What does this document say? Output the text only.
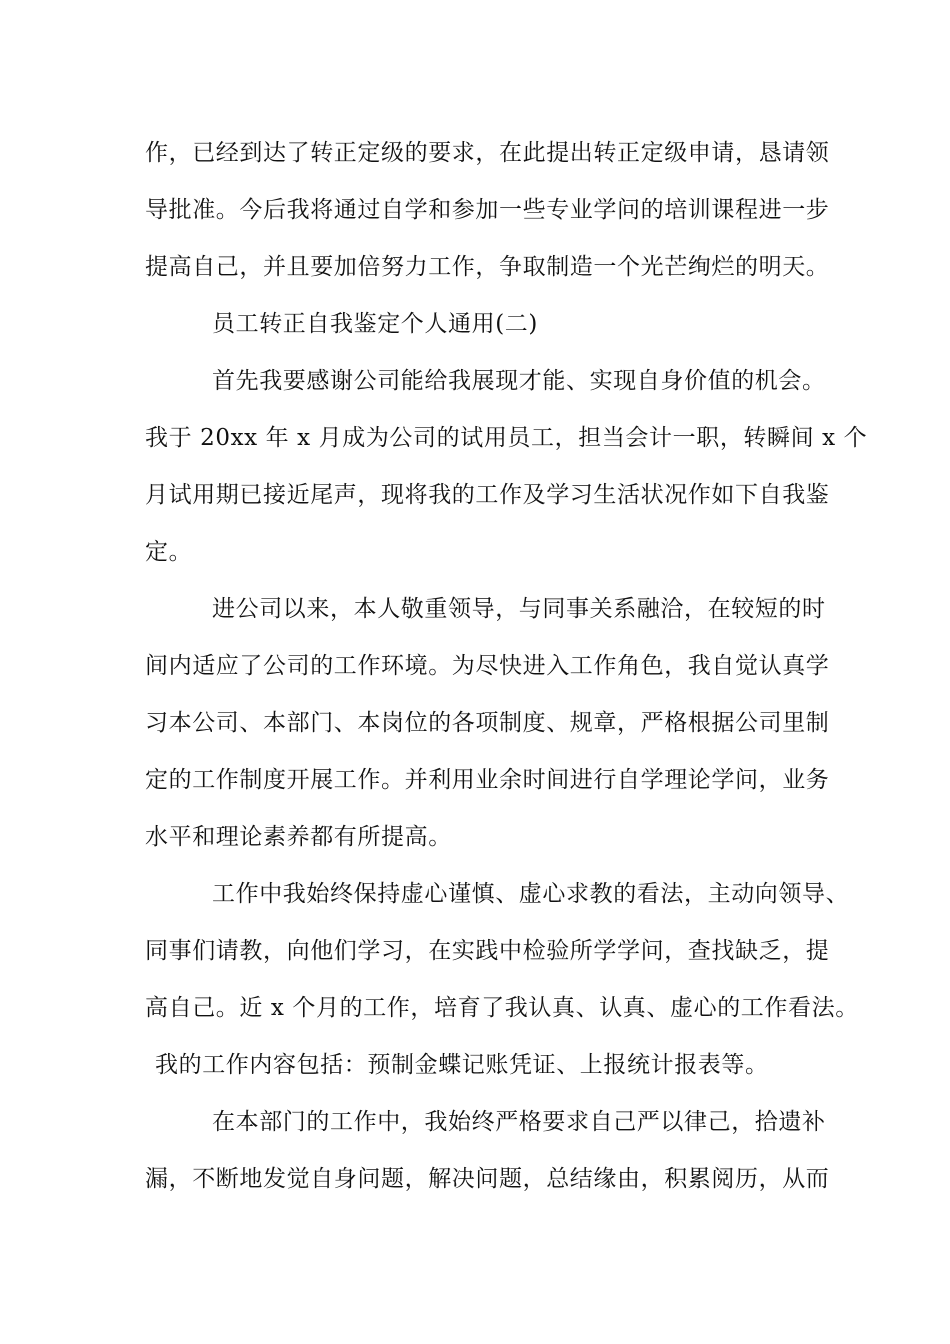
作，已经到达了转正定级的要求，在此提出转正定级申请，恳请领
导批准。今后我将通过自学和参加一些专业学问的培训课程进一步
提高自己，并且要加倍努力工作，争取制造一个光芒绚烂的明天。
员工转正自我鉴定个人通用(二)
首先我要感谢公司能给我展现才能、实现自身价值的机会。
我于 20xx 年 x 月成为公司的试用员工，担当会计一职，转瞬间 x 个
月试用期已接近尾声，现将我的工作及学习生活状况作如下自我鉴
定。
进公司以来，本人敬重领导，与同事关系融洽，在较短的时
间内适应了公司的工作环境。为尽快进入工作角色，我自觉认真学
习本公司、本部门、本岗位的各项制度、规章，严格根据公司里制
定的工作制度开展工作。并利用业余时间进行自学理论学问，业务
水平和理论素养都有所提高。
工作中我始终保持虚心谨慎、虚心求教的看法，主动向领导、
同事们请教，向他们学习，在实践中检验所学学问，查找缺乏，提
高自己。近 x 个月的工作，培育了我认真、认真、虚心的工作看法。
我的工作内容包括：预制金蝶记账凭证、上报统计报表等。
在本部门的工作中，我始终严格要求自己严以律己，拾遗补
漏，不断地发觉自身问题，解决问题，总结缘由，积累阅历，从而
